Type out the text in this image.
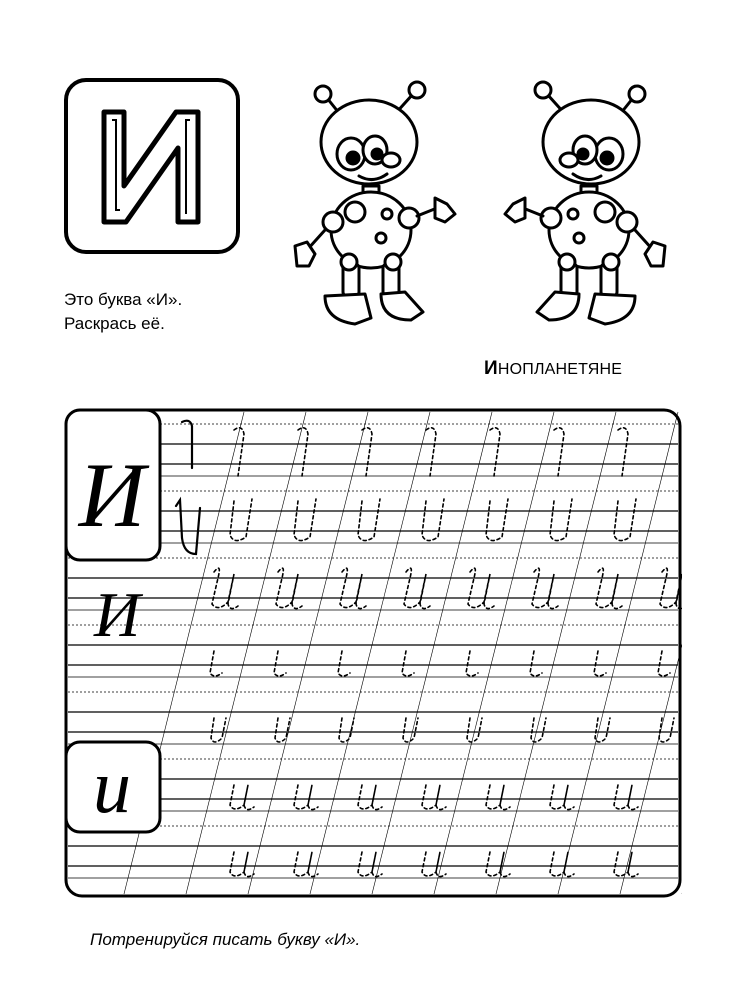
Это буква «И».
Раскрась её.
ИНОПЛАНЕТЯНЕ
И
и
И
Потренируйся писать букву «И».
